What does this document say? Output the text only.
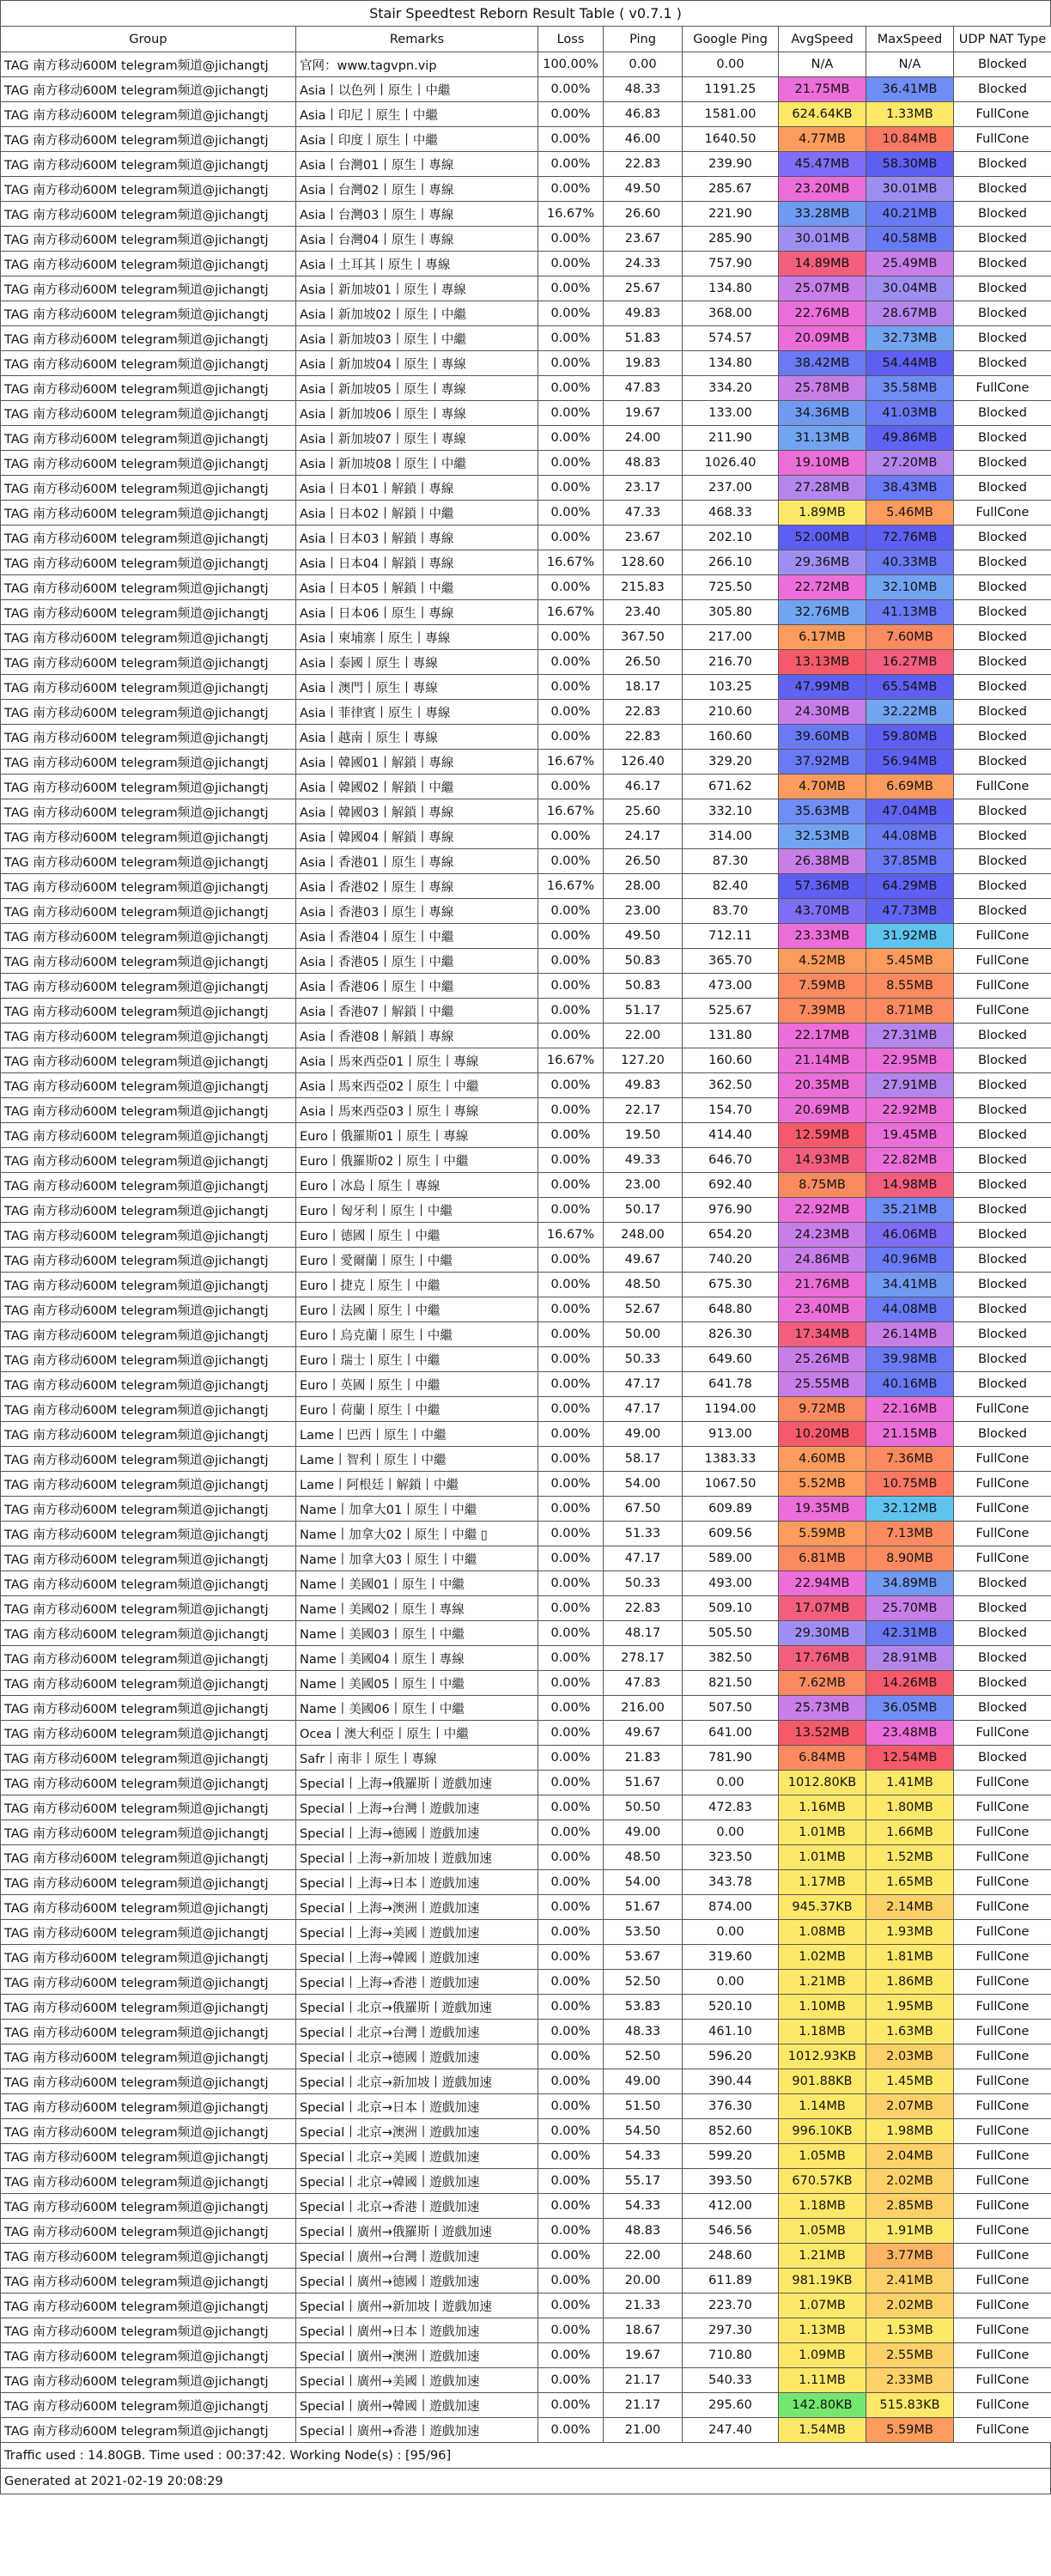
Stair Speedtest Reborn Result Table ( v0.7.1 )
Group	Remarks	Loss	Ping	Google Ping	AvgSpeed	MaxSpeed	UDP NAT Type
TAG 南方移动600M telegram频道@jichangtj	官网：www.tagvpn.vip	100.00%	0.00	0.00	N/A	N/A	Blocked
TAG 南方移动600M telegram频道@jichangtj	Asia丨以色列丨原生丨中繼	0.00%	48.33	1191.25	21.75MB	36.41MB	Blocked
TAG 南方移动600M telegram频道@jichangtj	Asia丨印尼丨原生丨中繼	0.00%	46.83	1581.00	624.64KB	1.33MB	FullCone
TAG 南方移动600M telegram频道@jichangtj	Asia丨印度丨原生丨中繼	0.00%	46.00	1640.50	4.77MB	10.84MB	FullCone
TAG 南方移动600M telegram频道@jichangtj	Asia丨台灣01丨原生丨專線	0.00%	22.83	239.90	45.47MB	58.30MB	Blocked
TAG 南方移动600M telegram频道@jichangtj	Asia丨台灣02丨原生丨專線	0.00%	49.50	285.67	23.20MB	30.01MB	Blocked
TAG 南方移动600M telegram频道@jichangtj	Asia丨台灣03丨原生丨專線	16.67%	26.60	221.90	33.28MB	40.21MB	Blocked
TAG 南方移动600M telegram频道@jichangtj	Asia丨台灣04丨原生丨專線	0.00%	23.67	285.90	30.01MB	40.58MB	Blocked
TAG 南方移动600M telegram频道@jichangtj	Asia丨土耳其丨原生丨專線	0.00%	24.33	757.90	14.89MB	25.49MB	Blocked
TAG 南方移动600M telegram频道@jichangtj	Asia丨新加坡01丨原生丨專線	0.00%	25.67	134.80	25.07MB	30.04MB	Blocked
TAG 南方移动600M telegram频道@jichangtj	Asia丨新加坡02丨原生丨中繼	0.00%	49.83	368.00	22.76MB	28.67MB	Blocked
TAG 南方移动600M telegram频道@jichangtj	Asia丨新加坡03丨原生丨中繼	0.00%	51.83	574.57	20.09MB	32.73MB	Blocked
TAG 南方移动600M telegram频道@jichangtj	Asia丨新加坡04丨原生丨專線	0.00%	19.83	134.80	38.42MB	54.44MB	Blocked
TAG 南方移动600M telegram频道@jichangtj	Asia丨新加坡05丨原生丨專線	0.00%	47.83	334.20	25.78MB	35.58MB	FullCone
TAG 南方移动600M telegram频道@jichangtj	Asia丨新加坡06丨原生丨專線	0.00%	19.67	133.00	34.36MB	41.03MB	Blocked
TAG 南方移动600M telegram频道@jichangtj	Asia丨新加坡07丨原生丨專線	0.00%	24.00	211.90	31.13MB	49.86MB	Blocked
TAG 南方移动600M telegram频道@jichangtj	Asia丨新加坡08丨原生丨中繼	0.00%	48.83	1026.40	19.10MB	27.20MB	Blocked
TAG 南方移动600M telegram频道@jichangtj	Asia丨日本01丨解鎖丨專線	0.00%	23.17	237.00	27.28MB	38.43MB	Blocked
TAG 南方移动600M telegram频道@jichangtj	Asia丨日本02丨解鎖丨中繼	0.00%	47.33	468.33	1.89MB	5.46MB	FullCone
TAG 南方移动600M telegram频道@jichangtj	Asia丨日本03丨解鎖丨專線	0.00%	23.67	202.10	52.00MB	72.76MB	Blocked
TAG 南方移动600M telegram频道@jichangtj	Asia丨日本04丨解鎖丨專線	16.67%	128.60	266.10	29.36MB	40.33MB	Blocked
TAG 南方移动600M telegram频道@jichangtj	Asia丨日本05丨解鎖丨中繼	0.00%	215.83	725.50	22.72MB	32.10MB	Blocked
TAG 南方移动600M telegram频道@jichangtj	Asia丨日本06丨原生丨專線	16.67%	23.40	305.80	32.76MB	41.13MB	Blocked
TAG 南方移动600M telegram频道@jichangtj	Asia丨柬埔寨丨原生丨專線	0.00%	367.50	217.00	6.17MB	7.60MB	Blocked
TAG 南方移动600M telegram频道@jichangtj	Asia丨泰國丨原生丨專線	0.00%	26.50	216.70	13.13MB	16.27MB	Blocked
TAG 南方移动600M telegram频道@jichangtj	Asia丨澳門丨原生丨專線	0.00%	18.17	103.25	47.99MB	65.54MB	Blocked
TAG 南方移动600M telegram频道@jichangtj	Asia丨菲律賓丨原生丨專線	0.00%	22.83	210.60	24.30MB	32.22MB	Blocked
TAG 南方移动600M telegram频道@jichangtj	Asia丨越南丨原生丨專線	0.00%	22.83	160.60	39.60MB	59.80MB	Blocked
TAG 南方移动600M telegram频道@jichangtj	Asia丨韓國01丨解鎖丨專線	16.67%	126.40	329.20	37.92MB	56.94MB	Blocked
TAG 南方移动600M telegram频道@jichangtj	Asia丨韓國02丨解鎖丨中繼	0.00%	46.17	671.62	4.70MB	6.69MB	FullCone
TAG 南方移动600M telegram频道@jichangtj	Asia丨韓國03丨解鎖丨專線	16.67%	25.60	332.10	35.63MB	47.04MB	Blocked
TAG 南方移动600M telegram频道@jichangtj	Asia丨韓國04丨解鎖丨專線	0.00%	24.17	314.00	32.53MB	44.08MB	Blocked
TAG 南方移动600M telegram频道@jichangtj	Asia丨香港01丨原生丨專線	0.00%	26.50	87.30	26.38MB	37.85MB	Blocked
TAG 南方移动600M telegram频道@jichangtj	Asia丨香港02丨原生丨專線	16.67%	28.00	82.40	57.36MB	64.29MB	Blocked
TAG 南方移动600M telegram频道@jichangtj	Asia丨香港03丨原生丨專線	0.00%	23.00	83.70	43.70MB	47.73MB	Blocked
TAG 南方移动600M telegram频道@jichangtj	Asia丨香港04丨原生丨中繼	0.00%	49.50	712.11	23.33MB	31.92MB	FullCone
TAG 南方移动600M telegram频道@jichangtj	Asia丨香港05丨原生丨中繼	0.00%	50.83	365.70	4.52MB	5.45MB	FullCone
TAG 南方移动600M telegram频道@jichangtj	Asia丨香港06丨原生丨中繼	0.00%	50.83	473.00	7.59MB	8.55MB	FullCone
TAG 南方移动600M telegram频道@jichangtj	Asia丨香港07丨解鎖丨中繼	0.00%	51.17	525.67	7.39MB	8.71MB	FullCone
TAG 南方移动600M telegram频道@jichangtj	Asia丨香港08丨解鎖丨專線	0.00%	22.00	131.80	22.17MB	27.31MB	Blocked
TAG 南方移动600M telegram频道@jichangtj	Asia丨馬來西亞01丨原生丨專線	16.67%	127.20	160.60	21.14MB	22.95MB	Blocked
TAG 南方移动600M telegram频道@jichangtj	Asia丨馬來西亞02丨原生丨中繼	0.00%	49.83	362.50	20.35MB	27.91MB	Blocked
TAG 南方移动600M telegram频道@jichangtj	Asia丨馬來西亞03丨原生丨專線	0.00%	22.17	154.70	20.69MB	22.92MB	Blocked
TAG 南方移动600M telegram频道@jichangtj	Euro丨俄羅斯01丨原生丨專線	0.00%	19.50	414.40	12.59MB	19.45MB	Blocked
TAG 南方移动600M telegram频道@jichangtj	Euro丨俄羅斯02丨原生丨中繼	0.00%	49.33	646.70	14.93MB	22.82MB	Blocked
TAG 南方移动600M telegram频道@jichangtj	Euro丨冰島丨原生丨專線	0.00%	23.00	692.40	8.75MB	14.98MB	Blocked
TAG 南方移动600M telegram频道@jichangtj	Euro丨匈牙利丨原生丨中繼	0.00%	50.17	976.90	22.92MB	35.21MB	Blocked
TAG 南方移动600M telegram频道@jichangtj	Euro丨德國丨原生丨中繼	16.67%	248.00	654.20	24.23MB	46.06MB	Blocked
TAG 南方移动600M telegram频道@jichangtj	Euro丨愛爾蘭丨原生丨中繼	0.00%	49.67	740.20	24.86MB	40.96MB	Blocked
TAG 南方移动600M telegram频道@jichangtj	Euro丨捷克丨原生丨中繼	0.00%	48.50	675.30	21.76MB	34.41MB	Blocked
TAG 南方移动600M telegram频道@jichangtj	Euro丨法國丨原生丨中繼	0.00%	52.67	648.80	23.40MB	44.08MB	Blocked
TAG 南方移动600M telegram频道@jichangtj	Euro丨烏克蘭丨原生丨中繼	0.00%	50.00	826.30	17.34MB	26.14MB	Blocked
TAG 南方移动600M telegram频道@jichangtj	Euro丨瑞士丨原生丨中繼	0.00%	50.33	649.60	25.26MB	39.98MB	Blocked
TAG 南方移动600M telegram频道@jichangtj	Euro丨英國丨原生丨中繼	0.00%	47.17	641.78	25.55MB	40.16MB	Blocked
TAG 南方移动600M telegram频道@jichangtj	Euro丨荷蘭丨原生丨中繼	0.00%	47.17	1194.00	9.72MB	22.16MB	FullCone
TAG 南方移动600M telegram频道@jichangtj	Lame丨巴西丨原生丨中繼	0.00%	49.00	913.00	10.20MB	21.15MB	Blocked
TAG 南方移动600M telegram频道@jichangtj	Lame丨智利丨原生丨中繼	0.00%	58.17	1383.33	4.60MB	7.36MB	FullCone
TAG 南方移动600M telegram频道@jichangtj	Lame丨阿根廷丨解鎖丨中繼	0.00%	54.00	1067.50	5.52MB	10.75MB	FullCone
TAG 南方移动600M telegram频道@jichangtj	Name丨加拿大01丨原生丨中繼	0.00%	67.50	609.89	19.35MB	32.12MB	FullCone
TAG 南方移动600M telegram频道@jichangtj	Name丨加拿大02丨原生丨中繼 ▯	0.00%	51.33	609.56	5.59MB	7.13MB	FullCone
TAG 南方移动600M telegram频道@jichangtj	Name丨加拿大03丨原生丨中繼	0.00%	47.17	589.00	6.81MB	8.90MB	FullCone
TAG 南方移动600M telegram频道@jichangtj	Name丨美國01丨原生丨中繼	0.00%	50.33	493.00	22.94MB	34.89MB	Blocked
TAG 南方移动600M telegram频道@jichangtj	Name丨美國02丨原生丨專線	0.00%	22.83	509.10	17.07MB	25.70MB	Blocked
TAG 南方移动600M telegram频道@jichangtj	Name丨美國03丨原生丨中繼	0.00%	48.17	505.50	29.30MB	42.31MB	Blocked
TAG 南方移动600M telegram频道@jichangtj	Name丨美國04丨原生丨專線	0.00%	278.17	382.50	17.76MB	28.91MB	Blocked
TAG 南方移动600M telegram频道@jichangtj	Name丨美國05丨原生丨中繼	0.00%	47.83	821.50	7.62MB	14.26MB	Blocked
TAG 南方移动600M telegram频道@jichangtj	Name丨美國06丨原生丨中繼	0.00%	216.00	507.50	25.73MB	36.05MB	Blocked
TAG 南方移动600M telegram频道@jichangtj	Ocea丨澳大利亞丨原生丨中繼	0.00%	49.67	641.00	13.52MB	23.48MB	FullCone
TAG 南方移动600M telegram频道@jichangtj	Safr丨南非丨原生丨專線	0.00%	21.83	781.90	6.84MB	12.54MB	Blocked
TAG 南方移动600M telegram频道@jichangtj	Special丨上海→俄羅斯丨遊戲加速	0.00%	51.67	0.00	1012.80KB	1.41MB	FullCone
TAG 南方移动600M telegram频道@jichangtj	Special丨上海→台灣丨遊戲加速	0.00%	50.50	472.83	1.16MB	1.80MB	FullCone
TAG 南方移动600M telegram频道@jichangtj	Special丨上海→德國丨遊戲加速	0.00%	49.00	0.00	1.01MB	1.66MB	FullCone
TAG 南方移动600M telegram频道@jichangtj	Special丨上海→新加坡丨遊戲加速	0.00%	48.50	323.50	1.01MB	1.52MB	FullCone
TAG 南方移动600M telegram频道@jichangtj	Special丨上海→日本丨遊戲加速	0.00%	54.00	343.78	1.17MB	1.65MB	FullCone
TAG 南方移动600M telegram频道@jichangtj	Special丨上海→澳洲丨遊戲加速	0.00%	51.67	874.00	945.37KB	2.14MB	FullCone
TAG 南方移动600M telegram频道@jichangtj	Special丨上海→美國丨遊戲加速	0.00%	53.50	0.00	1.08MB	1.93MB	FullCone
TAG 南方移动600M telegram频道@jichangtj	Special丨上海→韓國丨遊戲加速	0.00%	53.67	319.60	1.02MB	1.81MB	FullCone
TAG 南方移动600M telegram频道@jichangtj	Special丨上海→香港丨遊戲加速	0.00%	52.50	0.00	1.21MB	1.86MB	FullCone
TAG 南方移动600M telegram频道@jichangtj	Special丨北京→俄羅斯丨遊戲加速	0.00%	53.83	520.10	1.10MB	1.95MB	FullCone
TAG 南方移动600M telegram频道@jichangtj	Special丨北京→台灣丨遊戲加速	0.00%	48.33	461.10	1.18MB	1.63MB	FullCone
TAG 南方移动600M telegram频道@jichangtj	Special丨北京→德國丨遊戲加速	0.00%	52.50	596.20	1012.93KB	2.03MB	FullCone
TAG 南方移动600M telegram频道@jichangtj	Special丨北京→新加坡丨遊戲加速	0.00%	49.00	390.44	901.88KB	1.45MB	FullCone
TAG 南方移动600M telegram频道@jichangtj	Special丨北京→日本丨遊戲加速	0.00%	51.50	376.30	1.14MB	2.07MB	FullCone
TAG 南方移动600M telegram频道@jichangtj	Special丨北京→澳洲丨遊戲加速	0.00%	54.50	852.60	996.10KB	1.98MB	FullCone
TAG 南方移动600M telegram频道@jichangtj	Special丨北京→美國丨遊戲加速	0.00%	54.33	599.20	1.05MB	2.04MB	FullCone
TAG 南方移动600M telegram频道@jichangtj	Special丨北京→韓國丨遊戲加速	0.00%	55.17	393.50	670.57KB	2.02MB	FullCone
TAG 南方移动600M telegram频道@jichangtj	Special丨北京→香港丨遊戲加速	0.00%	54.33	412.00	1.18MB	2.85MB	FullCone
TAG 南方移动600M telegram频道@jichangtj	Special丨廣州→俄羅斯丨遊戲加速	0.00%	48.83	546.56	1.05MB	1.91MB	FullCone
TAG 南方移动600M telegram频道@jichangtj	Special丨廣州→台灣丨遊戲加速	0.00%	22.00	248.60	1.21MB	3.77MB	FullCone
TAG 南方移动600M telegram频道@jichangtj	Special丨廣州→德國丨遊戲加速	0.00%	20.00	611.89	981.19KB	2.41MB	FullCone
TAG 南方移动600M telegram频道@jichangtj	Special丨廣州→新加坡丨遊戲加速	0.00%	21.33	223.70	1.07MB	2.02MB	FullCone
TAG 南方移动600M telegram频道@jichangtj	Special丨廣州→日本丨遊戲加速	0.00%	18.67	297.30	1.13MB	1.53MB	FullCone
TAG 南方移动600M telegram频道@jichangtj	Special丨廣州→澳洲丨遊戲加速	0.00%	19.67	710.80	1.09MB	2.55MB	FullCone
TAG 南方移动600M telegram频道@jichangtj	Special丨廣州→美國丨遊戲加速	0.00%	21.17	540.33	1.11MB	2.33MB	FullCone
TAG 南方移动600M telegram频道@jichangtj	Special丨廣州→韓國丨遊戲加速	0.00%	21.17	295.60	142.80KB	515.83KB	FullCone
TAG 南方移动600M telegram频道@jichangtj	Special丨廣州→香港丨遊戲加速	0.00%	21.00	247.40	1.54MB	5.59MB	FullCone
Traffic used : 14.80GB. Time used : 00:37:42. Working Node(s) : [95/96]
Generated at 2021-02-19 20:08:29
